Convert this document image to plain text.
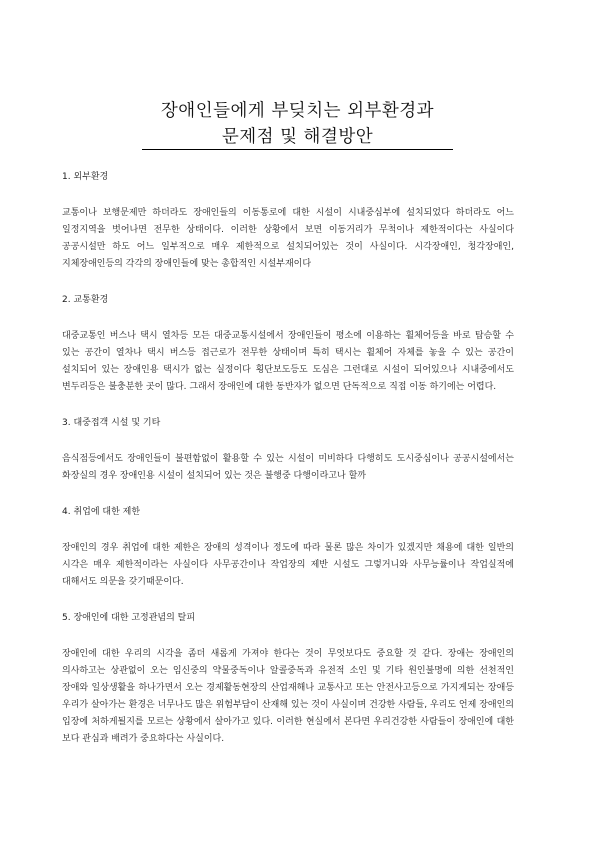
장애인들에게 부딪치는 외부환경과
문제점 및 해결방안

1. 외부환경

교통이나 보행문제만 하더라도 장애인들의 이동통로에 대한 시설이 시내중심부에 설치되었다 하더라도 어느 일정지역을 벗어나면 전무한 상태이다. 이러한 상황에서 보면 이동거리가 무척이나 제한적이다는 사실이다 공공시설만 하도 어느 일부적으로 매우 제한적으로 설치되어있는 것이 사실이다. 시각장애인, 청각장애인, 지체장애인등의 각각의 장애인들에 맞는 총합적인 시설부재이다

2. 교통환경

대중교통인 버스나 택시 열차등 모든 대중교통시설에서 장애인들이 평소에 이용하는 휠체어등을 바로 탑승할 수 있는 공간이 열차나 택시 버스등 접근로가 전무한 상태이며 특히 택시는 휠체어 자체를 놓을 수 있는 공간이 설치되어 있는 장애인용 택시가 없는 실정이다 횡단보도등도 도심은 그런대로 시설이 되어있으나 시내중에서도 변두리등은 불충분한 곳이 많다. 그래서 장애인에 대한 동반자가 없으면 단독적으로 직접 이동 하기에는 어렵다.

3. 대중접객 시설 및 기타

음식점등에서도 장애인들이 불편함없이 활용할 수 있는 시설이 미비하다 다행히도 도시중심이나 공공시설에서는 화장실의 경우 장애인용 시설이 설치되어 있는 것은 불행중 다행이라고나 할까

4. 취업에 대한 제한

장애인의 경우 취업에 대한 제한은 장애의 성격이나 정도에 따라 물론 많은 차이가 있겠지만 채용에 대한 일반의 시각은 매우 제한적이라는 사실이다 사무공간이나 작업장의 제반 시설도 그렇거니와 사무능률이나 작업실적에 대해서도 의문을 갖기때문이다.

5. 장애인에 대한 고정관념의 탈피

장애인에 대한 우리의 시각을 좀더 새롭게 가져야 한다는 것이 무엇보다도 중요할 것 같다. 장애는 장애인의 의사하고는 상관없이 오는 임신중의 약물중독이나 알콜중독과 유전적 소인 및 기타 원인불명에 의한 선천적인 장애와 일상생활을 하나가면서 오는 경제활동현장의 산업재해나 교통사고 또는 안전사고등으로 가지게되는 장애등 우리가 살아가는 환경은 너무나도 많은 위험부담이 산재해 있는 것이 사실이며 건강한 사람들, 우리도 언제 장애인의 입장에 처하게될지를 모르는 상황에서 살아가고 있다. 이러한 현실에서 본다면 우리건강한 사람들이 장애인에 대한 보다 관심과 배려가 중요하다는 사실이다.
